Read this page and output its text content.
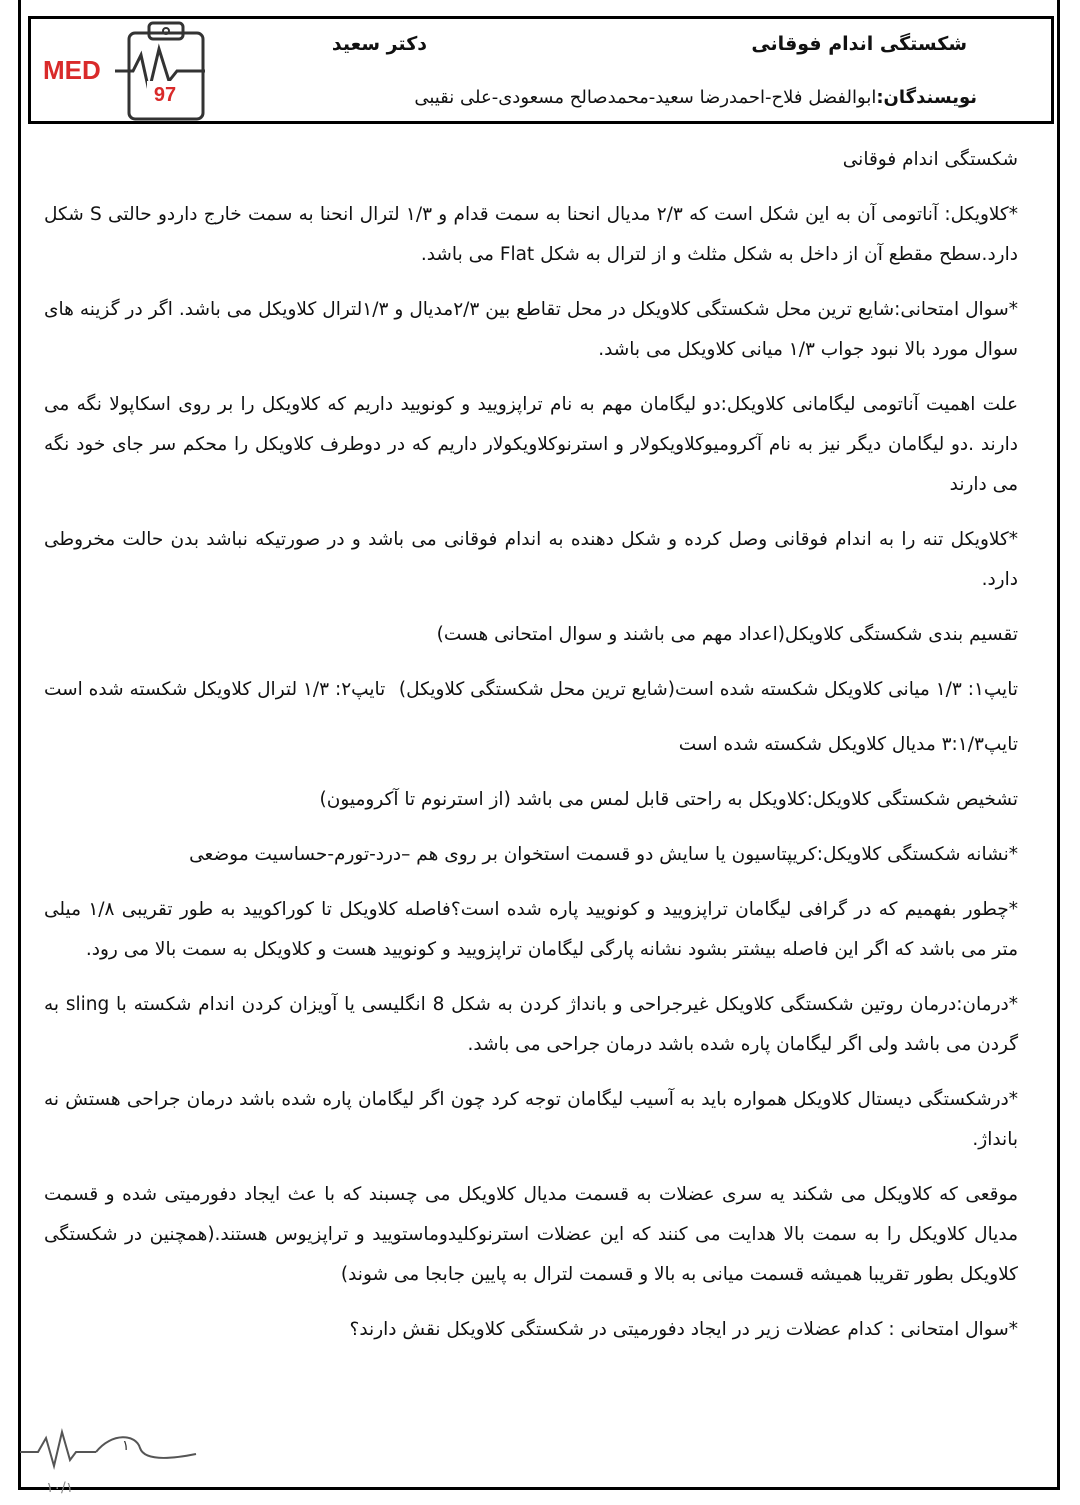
MED
97
شکستگی اندام فوقانی
دکتر سعید
نویسندگان:ابوالفضل فلاح-احمدرضا سعید-محمدصالح مسعودی-علی نقیبی

شکستگی اندام فوقانی

*کلاویکل: آناتومی آن به این شکل است که ۲/۳ مدیال انحنا به سمت قدام و ۱/۳ لترال انحنا به سمت خارج داردو حالتی S شکل دارد.سطح مقطع آن از داخل به شکل مثلث و از لترال به شکل Flat می باشد.

*سوال امتحانی:شایع ترین محل شکستگی کلاویکل در محل تقاطع بین ۲/۳مدیال و ۱/۳لترال کلاویکل می باشد. اگر در گزینه های سوال مورد بالا نبود جواب ۱/۳ میانی کلاویکل می باشد.

علت اهمیت آناتومی لیگامانی کلاویکل:دو لیگامان مهم به نام تراپزویید و کونویید داریم که کلاویکل را بر روی اسکاپولا نگه می دارند .دو لیگامان دیگر نیز به نام آکرومیوکلاویکولار و استرنوکلاویکولار داریم که در دوطرف کلاویکل را محکم سر جای خود نگه می دارند

*کلاویکل تنه را به اندام فوقانی وصل کرده و شکل دهنده به اندام فوقانی می باشد و در صورتیکه نباشد بدن حالت مخروطی دارد.

تقسیم بندی شکستگی کلاویکل(اعداد مهم می باشند و سوال امتحانی هست)

تایپ۱: ۱/۳ میانی کلاویکل شکسته شده است(شایع ترین محل شکستگی کلاویکل)
تایپ۲: ۱/۳ لترال کلاویکل شکسته شده است

تایپ۳:۱/۳ مدیال کلاویکل شکسته شده است

تشخیص شکستگی کلاویکل:کلاویکل به راحتی قابل لمس می باشد (از استرنوم تا آکرومیون)

*نشانه شکستگی کلاویکل:کریپتاسیون یا سایش دو قسمت استخوان بر روی هم –درد-تورم-حساسیت موضعی

*چطور بفهمیم که در گرافی لیگامان تراپزویید و کونویید پاره شده است؟فاصله کلاویکل تا کوراکویید به طور تقریبی ۱/۸ میلی متر می باشد که اگر این فاصله بیشتر بشود نشانه پارگی لیگامان تراپزویید و کونویید هست و کلاویکل به سمت بالا می رود.

*درمان:درمان روتین شکستگی کلاویکل غیرجراحی و بانداژ کردن به شکل 8 انگلیسی یا آویزان کردن اندام شکسته با sling به گردن می باشد ولی اگر لیگامان پاره شده باشد درمان جراحی می باشد.

*درشکستگی دیستال کلاویکل همواره باید به آسیب لیگامان توجه کرد چون اگر لیگامان پاره شده باشد درمان جراحی هستش نه بانداژ.

موقعی که کلاویکل می شکند یه سری عضلات به قسمت مدیال کلاویکل می چسبند که با عث ایجاد دفورمیتی شده و قسمت مدیال کلاویکل را به سمت بالا هدایت می کنند که این عضلات استرنوکلیدوماستویید و تراپزیوس هستند.(همچنین در شکستگی کلاویکل بطور تقریبا همیشه قسمت میانی به بالا و قسمت لترال به پایین جابجا می شوند)

*سوال امتحانی : کدام عضلات زیر در ایجاد دفورمیتی در شکستگی کلاویکل نقش دارند؟

۱
۱۰/۱
